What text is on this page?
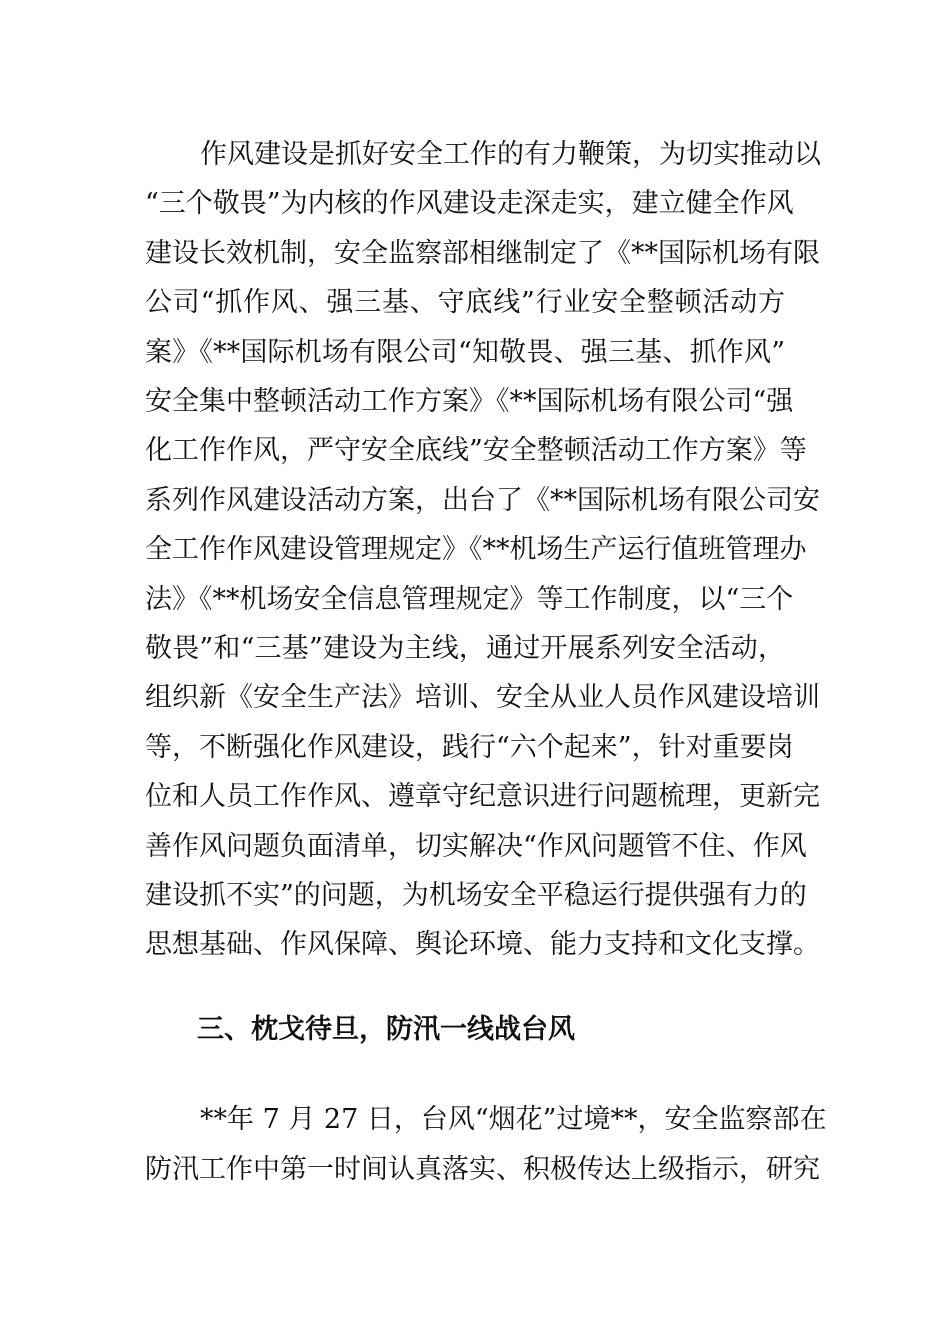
作风建设是抓好安全工作的有力鞭策，为切实推动以
“三个敬畏”为内核的作风建设走深走实，建立健全作风
建设长效机制，安全监察部相继制定了《**国际机场有限
公司“抓作风、强三基、守底线”行业安全整顿活动方
案》《**国际机场有限公司“知敬畏、强三基、抓作风”
安全集中整顿活动工作方案》《**国际机场有限公司“强
化工作作风，严守安全底线”安全整顿活动工作方案》等
系列作风建设活动方案，出台了《**国际机场有限公司安
全工作作风建设管理规定》《**机场生产运行值班管理办
法》《**机场安全信息管理规定》等工作制度，以“三个
敬畏”和“三基”建设为主线，通过开展系列安全活动，
组织新《安全生产法》培训、安全从业人员作风建设培训
等，不断强化作风建设，践行“六个起来”，针对重要岗
位和人员工作作风、遵章守纪意识进行问题梳理，更新完
善作风问题负面清单，切实解决“作风问题管不住、作风
建设抓不实”的问题，为机场安全平稳运行提供强有力的
思想基础、作风保障、舆论环境、能力支持和文化支撑。
**年 7 月 27 日，台风“烟花”过境**，安全监察部在
防汛工作中第一时间认真落实、积极传达上级指示，研究
三、枕戈待旦，防汛一线战台风
